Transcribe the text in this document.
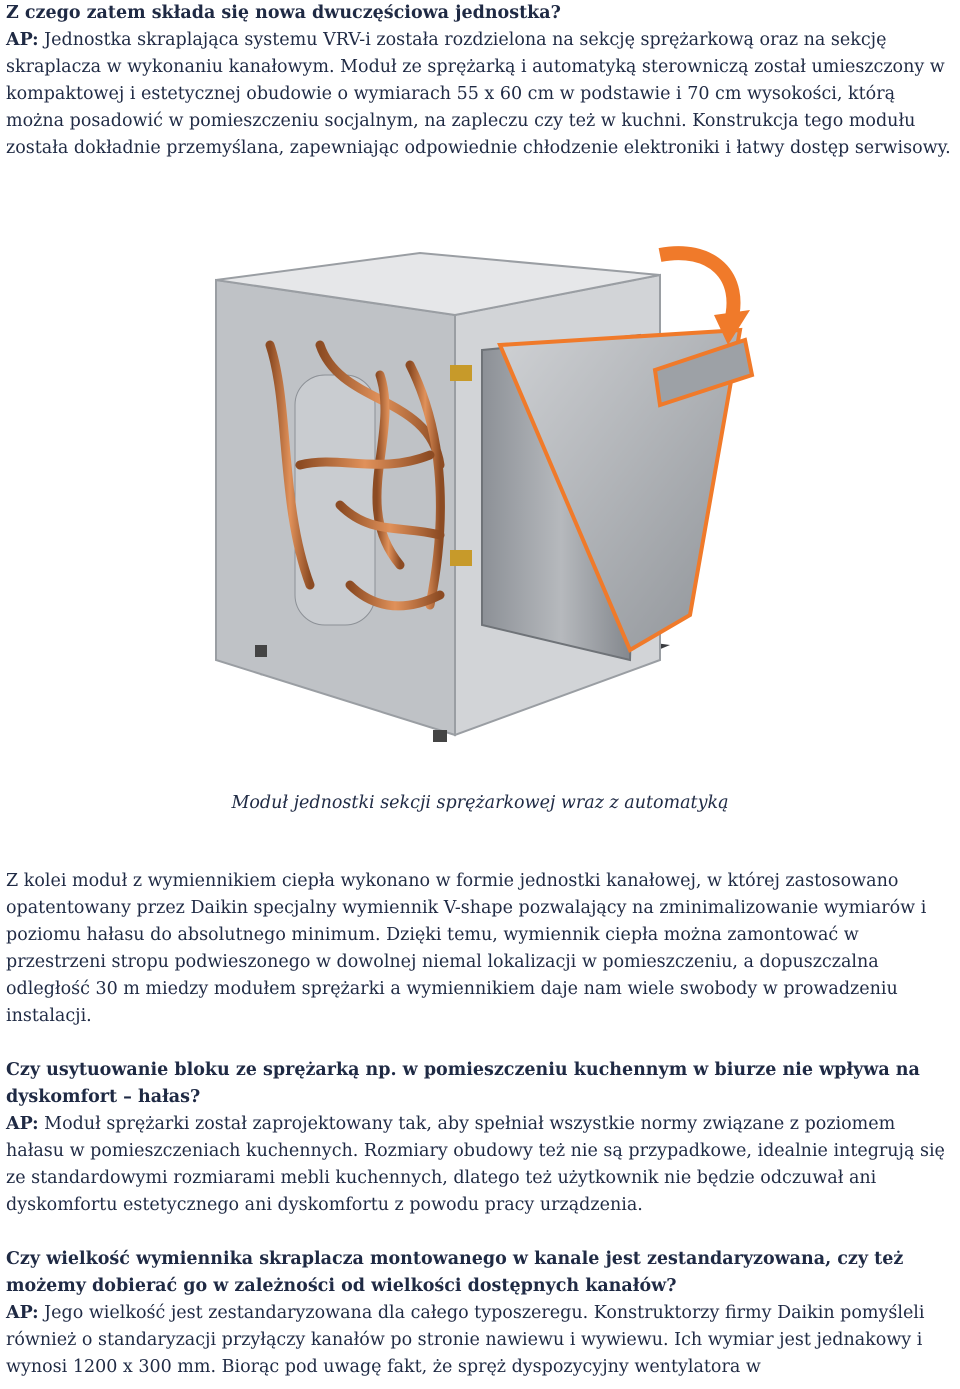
Z czego zatem składa się nowa dwuczęściowa jednostka?

AP: Jednostka skraplająca systemu VRV-i została rozdzielona na sekcję sprężarkową oraz na sekcję skraplacza w wykonaniu kanałowym. Moduł ze sprężarką i automatyką sterowniczą został umieszczony w kompaktowej i estetycznej obudowie o wymiarach 55 x 60 cm w podstawie i 70 cm wysokości, którą można posadowić w pomieszczeniu socjalnym, na zapleczu czy też w kuchni. Konstrukcja tego modułu została dokładnie przemyślana, zapewniając odpowiednie chłodzenie elektroniki i łatwy dostęp serwisowy.

Moduł jednostki sekcji sprężarkowej wraz z automatyką

Z kolei moduł z wymiennikiem ciepła wykonano w formie jednostki kanałowej, w której zastosowano opatentowany przez Daikin specjalny wymiennik V-shape pozwalający na zminimalizowanie wymiarów i poziomu hałasu do absolutnego minimum. Dzięki temu, wymiennik ciepła można zamontować w przestrzeni stropu podwieszonego w dowolnej niemal lokalizacji w pomieszczeniu, a dopuszczalna odległość 30 m miedzy modułem sprężarki a wymiennikiem daje nam wiele swobody w prowadzeniu instalacji.

Czy usytuowanie bloku ze sprężarką np. w pomieszczeniu kuchennym w biurze nie wpływa na dyskomfort – hałas?

AP: Moduł sprężarki został zaprojektowany tak, aby spełniał wszystkie normy związane z poziomem hałasu w pomieszczeniach kuchennych. Rozmiary obudowy też nie są przypadkowe, idealnie integrują się ze standardowymi rozmiarami mebli kuchennych, dlatego też użytkownik nie będzie odczuwał ani dyskomfortu estetycznego ani dyskomfortu z powodu pracy urządzenia.

Czy wielkość wymiennika skraplacza montowanego w kanale jest zestandaryzowana, czy też możemy dobierać go w zależności od wielkości dostępnych kanałów?

AP: Jego wielkość jest zestandaryzowana dla całego typoszeregu. Konstruktorzy firmy Daikin pomyśleli również o standaryzacji przyłączy kanałów po stronie nawiewu i wywiewu. Ich wymiar jest jednakowy i wynosi 1200 x 300 mm. Biorąc pod uwagę fakt, że spręż dyspozycyjny wentylatora w
